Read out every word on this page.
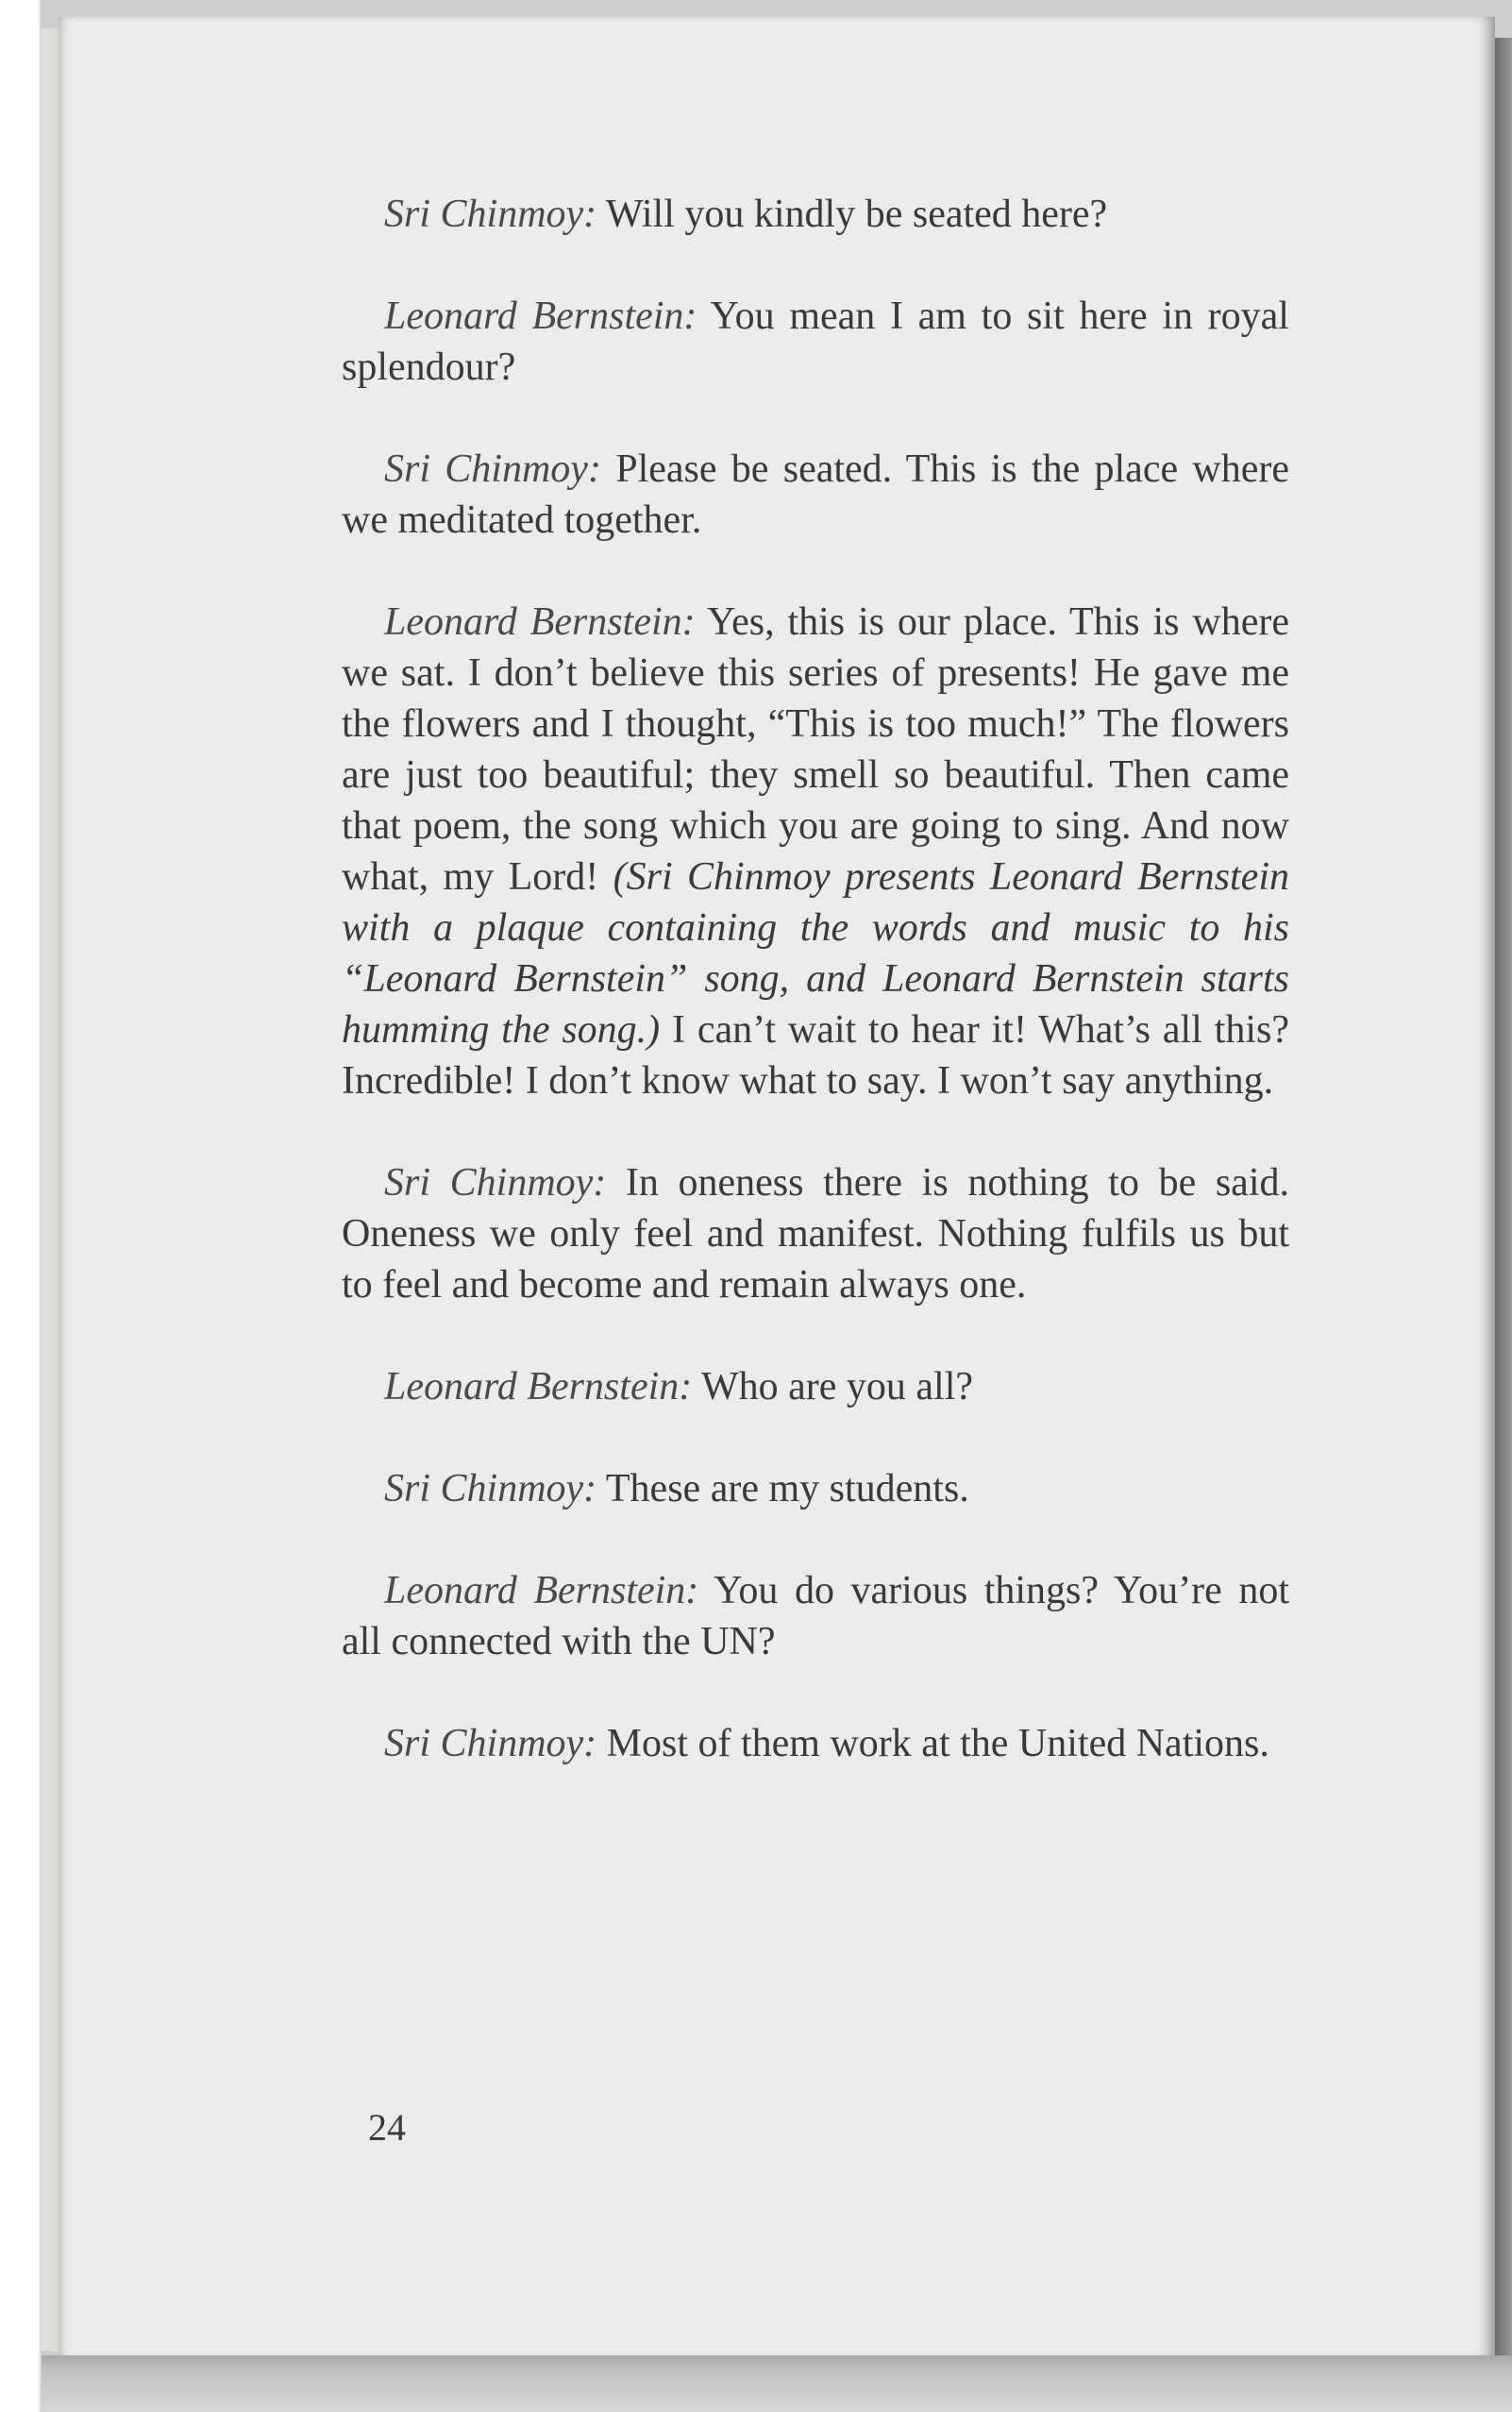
Sri Chinmoy: Will you kindly be seated here?

Leonard Bernstein: You mean I am to sit here in royal splendour?

Sri Chinmoy: Please be seated. This is the place where we meditated together.

Leonard Bernstein: Yes, this is our place. This is where we sat. I don’t believe this series of presents! He gave me the flowers and I thought, “This is too much!” The flowers are just too beautiful; they smell so beautiful. Then came that poem, the song which you are going to sing. And now what, my Lord! (Sri Chinmoy presents Leonard Bernstein with a plaque containing the words and music to his “Leonard Bernstein” song, and Leonard Bernstein starts humming the song.) I can’t wait to hear it! What’s all this? Incredible! I don’t know what to say. I won’t say anything.

Sri Chinmoy: In oneness there is nothing to be said. Oneness we only feel and manifest. Nothing fulfils us but to feel and become and remain always one.

Leonard Bernstein: Who are you all?

Sri Chinmoy: These are my students.

Leonard Bernstein: You do various things? You’re not all connected with the UN?

Sri Chinmoy: Most of them work at the United Nations.

24
